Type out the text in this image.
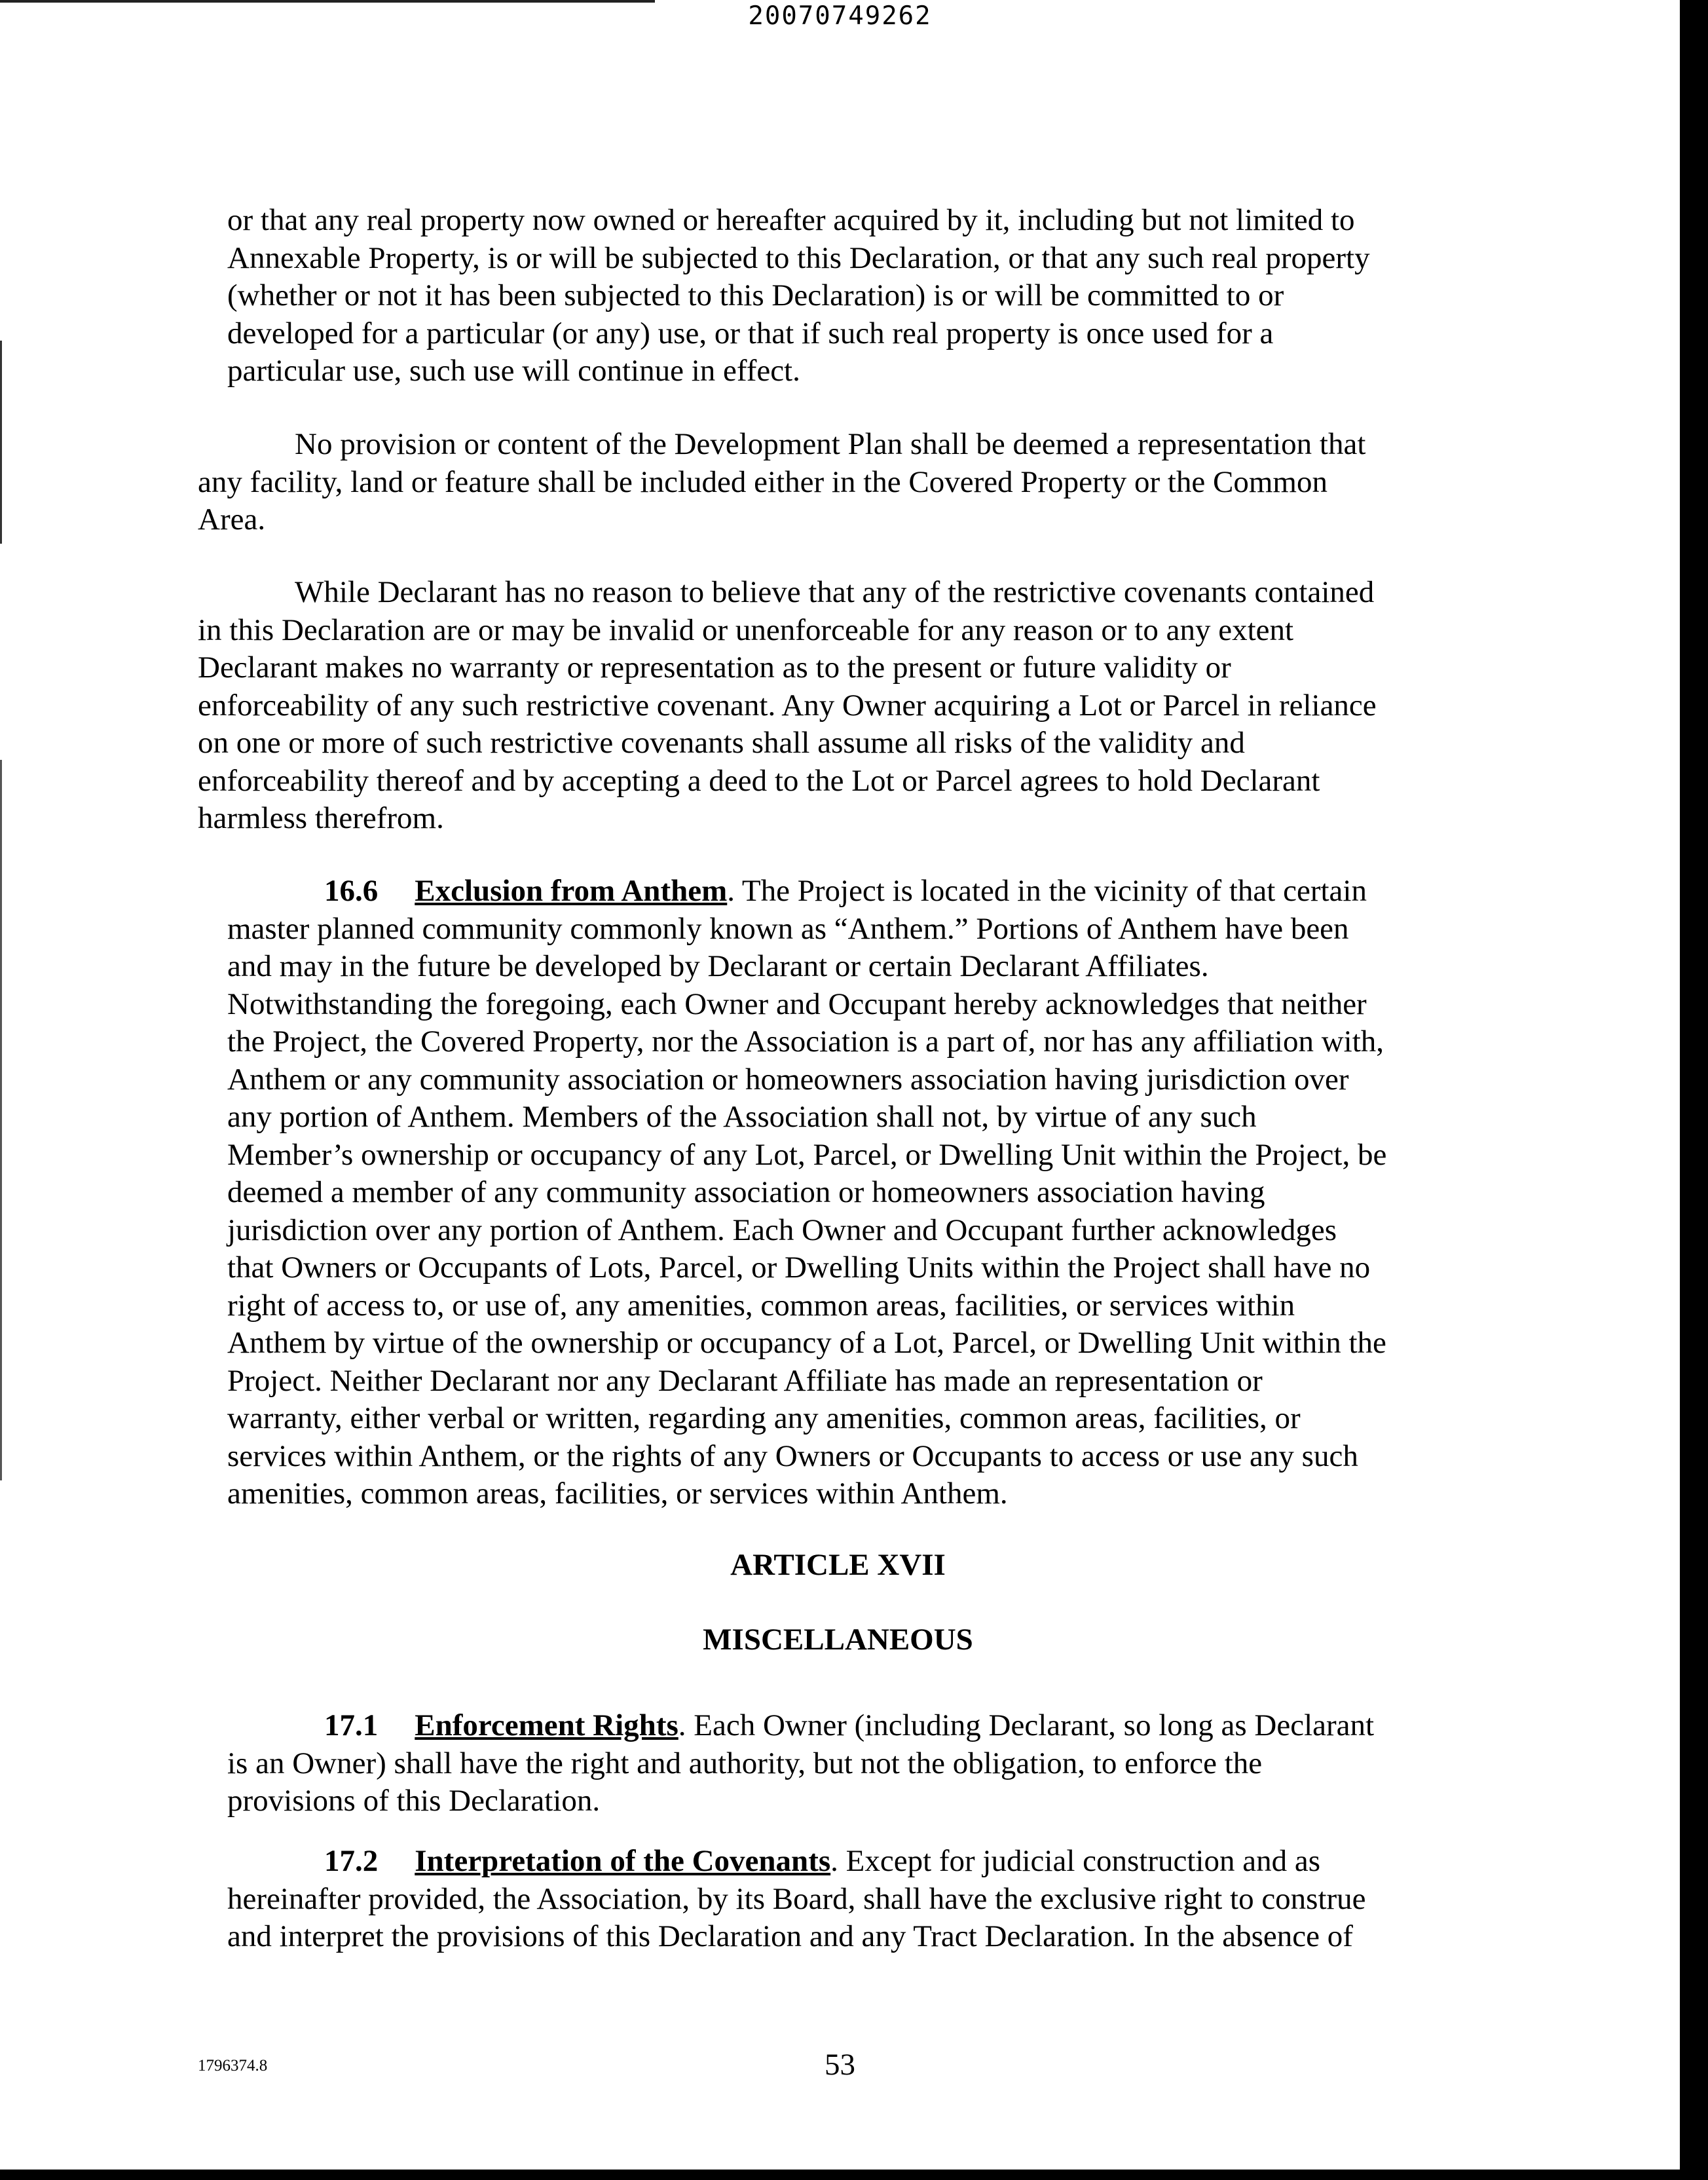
20070749262
or that any real property now owned or hereafter acquired by it, including but not limited to
Annexable Property, is or will be subjected to this Declaration, or that any such real property
(whether or not it has been subjected to this Declaration) is or will be committed to or
developed for a particular (or any) use, or that if such real property is once used for a
particular use, such use will continue in effect.
No provision or content of the Development Plan shall be deemed a representation that
any facility, land or feature shall be included either in the Covered Property or the Common
Area.
While Declarant has no reason to believe that any of the restrictive covenants contained
in this Declaration are or may be invalid or unenforceable for any reason or to any extent
Declarant makes no warranty or representation as to the present or future validity or
enforceability of any such restrictive covenant. Any Owner acquiring a Lot or Parcel in reliance
on one or more of such restrictive covenants shall assume all risks of the validity and
enforceability thereof and by accepting a deed to the Lot or Parcel agrees to hold Declarant
harmless therefrom.
16.6 Exclusion from Anthem. The Project is located in the vicinity of that certain
master planned community commonly known as “Anthem.” Portions of Anthem have been
and may in the future be developed by Declarant or certain Declarant Affiliates.
Notwithstanding the foregoing, each Owner and Occupant hereby acknowledges that neither
the Project, the Covered Property, nor the Association is a part of, nor has any affiliation with,
Anthem or any community association or homeowners association having jurisdiction over
any portion of Anthem. Members of the Association shall not, by virtue of any such
Member’s ownership or occupancy of any Lot, Parcel, or Dwelling Unit within the Project, be
deemed a member of any community association or homeowners association having
jurisdiction over any portion of Anthem. Each Owner and Occupant further acknowledges
that Owners or Occupants of Lots, Parcel, or Dwelling Units within the Project shall have no
right of access to, or use of, any amenities, common areas, facilities, or services within
Anthem by virtue of the ownership or occupancy of a Lot, Parcel, or Dwelling Unit within the
Project. Neither Declarant nor any Declarant Affiliate has made an representation or
warranty, either verbal or written, regarding any amenities, common areas, facilities, or
services within Anthem, or the rights of any Owners or Occupants to access or use any such
amenities, common areas, facilities, or services within Anthem.
ARTICLE XVII
MISCELLANEOUS
17.1 Enforcement Rights. Each Owner (including Declarant, so long as Declarant
is an Owner) shall have the right and authority, but not the obligation, to enforce the
provisions of this Declaration.
17.2 Interpretation of the Covenants. Except for judicial construction and as
hereinafter provided, the Association, by its Board, shall have the exclusive right to construe
and interpret the provisions of this Declaration and any Tract Declaration. In the absence of
1796374.8	53
